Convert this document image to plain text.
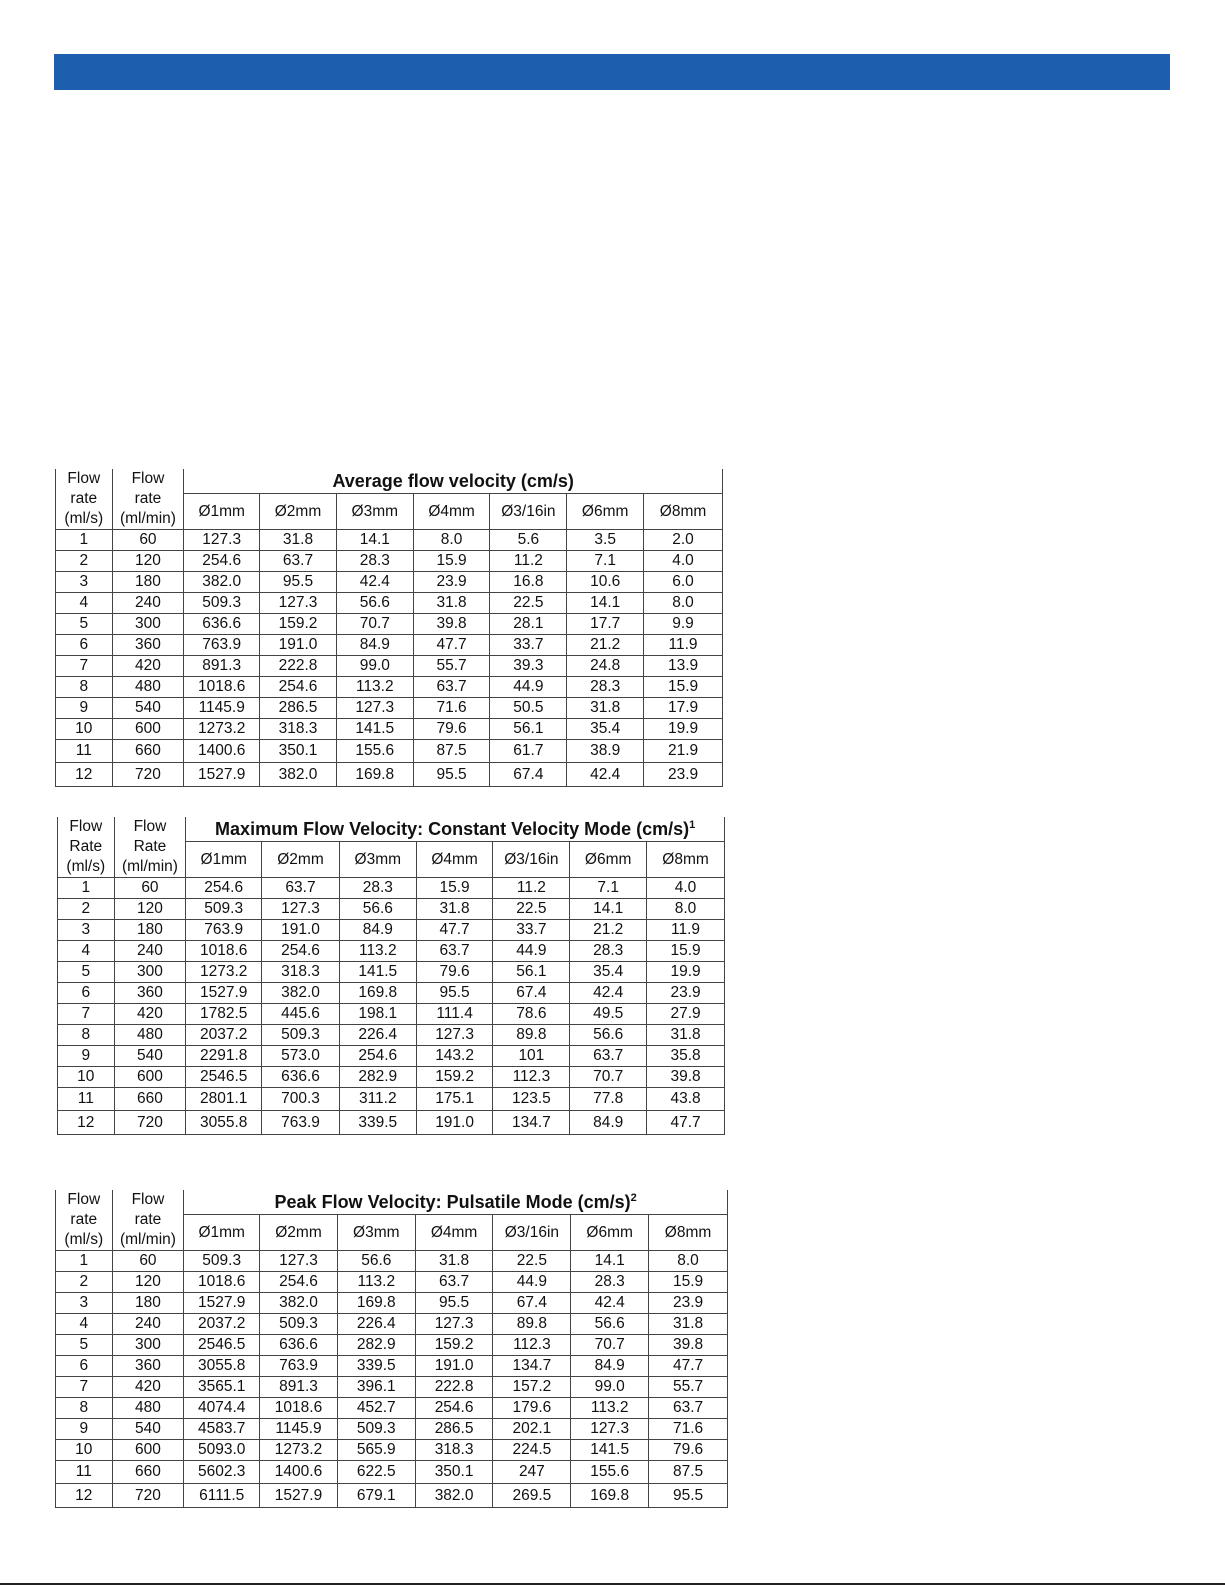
Flow
rate
(ml/s)	Flow
rate
(ml/min)	Average flow velocity (cm/s)						
		Ø1mm	Ø2mm	Ø3mm	Ø4mm	Ø3/16in	Ø6mm	Ø8mm
1	60	127.3	31.8	14.1	8.0	5.6	3.5	2.0
2	120	254.6	63.7	28.3	15.9	11.2	7.1	4.0
3	180	382.0	95.5	42.4	23.9	16.8	10.6	6.0
4	240	509.3	127.3	56.6	31.8	22.5	14.1	8.0
5	300	636.6	159.2	70.7	39.8	28.1	17.7	9.9
6	360	763.9	191.0	84.9	47.7	33.7	21.2	11.9
7	420	891.3	222.8	99.0	55.7	39.3	24.8	13.9
8	480	1018.6	254.6	113.2	63.7	44.9	28.3	15.9
9	540	1145.9	286.5	127.3	71.6	50.5	31.8	17.9
10	600	1273.2	318.3	141.5	79.6	56.1	35.4	19.9
11	660	1400.6	350.1	155.6	87.5	61.7	38.9	21.9
12	720	1527.9	382.0	169.8	95.5	67.4	42.4	23.9
Flow
Rate
(ml/s)	Flow
Rate
(ml/min)	Maximum Flow Velocity: Constant Velocity Mode $(cm/s)^1$
		Ø1mm	Ø2mm	Ø3mm	Ø4mm	Ø3/16in	Ø6mm	Ø8mm
1	60	254.6	63.7	28.3	15.9	11.2	7.1	4.0
2	120	509.3	127.3	56.6	31.8	22.5	14.1	8.0
3	180	763.9	191.0	84.9	47.7	33.7	21.2	11.9
4	240	1018.6	254.6	113.2	63.7	44.9	28.3	15.9
5	300	1273.2	318.3	141.5	79.6	56.1	35.4	19.9
6	360	1527.9	382.0	169.8	95.5	67.4	42.4	23.9
7	420	1782.5	445.6	198.1	111.4	78.6	49.5	27.9
8	480	2037.2	509.3	226.4	127.3	89.8	56.6	31.8
9	540	2291.8	573.0	254.6	143.2	101	63.7	35.8
10	600	2546.5	636.6	282.9	159.2	112.3	70.7	39.8
11	660	2801.1	700.3	311.2	175.1	123.5	77.8	43.8
12	720	3055.8	763.9	339.5	191.0	134.7	84.9	47.7
Flow
rate
(ml/s)	Flow
rate
(ml/min)	Peak Flow Velocity: Pulsatile Mode $(cm/s)^2$
		Ø1mm	Ø2mm	Ø3mm	Ø4mm	Ø3/16in	Ø6mm	Ø8mm
1	60	509.3	127.3	56.6	31.8	22.5	14.1	8.0
2	120	1018.6	254.6	113.2	63.7	44.9	28.3	15.9
3	180	1527.9	382.0	169.8	95.5	67.4	42.4	23.9
4	240	2037.2	509.3	226.4	127.3	89.8	56.6	31.8
5	300	2546.5	636.6	282.9	159.2	112.3	70.7	39.8
6	360	3055.8	763.9	339.5	191.0	134.7	84.9	47.7
7	420	3565.1	891.3	396.1	222.8	157.2	99.0	55.7
8	480	4074.4	1018.6	452.7	254.6	179.6	113.2	63.7
9	540	4583.7	1145.9	509.3	286.5	202.1	127.3	71.6
10	600	5093.0	1273.2	565.9	318.3	224.5	141.5	79.6
11	660	5602.3	1400.6	622.5	350.1	247	155.6	87.5
12	720	6111.5	1527.9	679.1	382.0	269.5	169.8	95.5
